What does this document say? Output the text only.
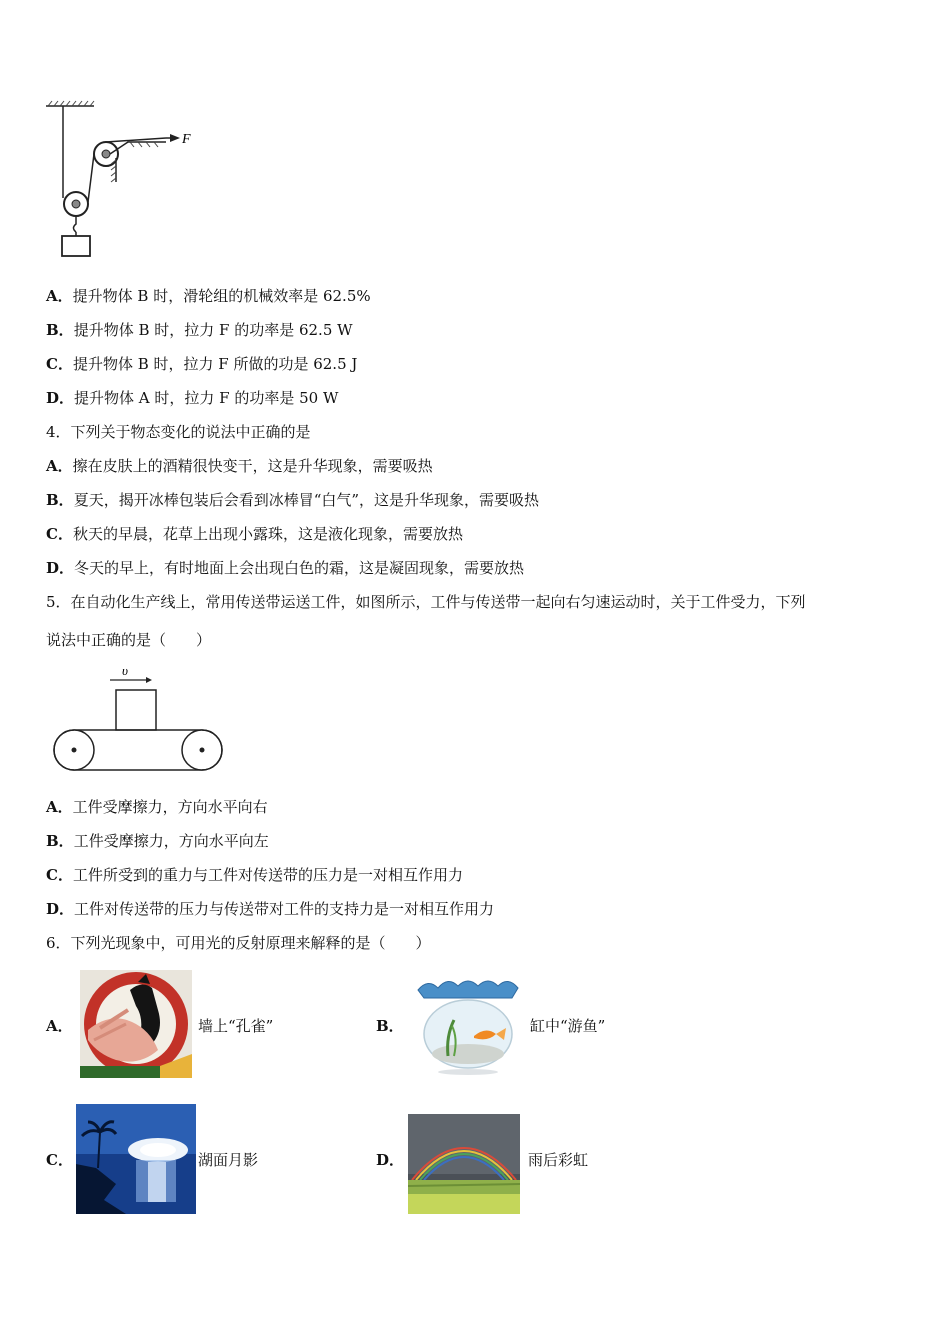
F
A．提升物体 B 时，滑轮组的机械效率是 62.5%
B．提升物体 B 时，拉力 F 的功率是 62.5 W
C．提升物体 B 时，拉力 F 所做的功是 62.5 J
D．提升物体 A 时，拉力 F 的功率是 50 W
4．下列关于物态变化的说法中正确的是
A．擦在皮肤上的酒精很快变干，这是升华现象，需要吸热
B．夏天，揭开冰棒包装后会看到冰棒冒“白气”，这是升华现象，需要吸热
C．秋天的早晨，花草上出现小露珠，这是液化现象，需要放热
D．冬天的早上，有时地面上会出现白色的霜，这是凝固现象，需要放热
5．在自动化生产线上，常用传送带运送工件，如图所示，工件与传送带一起向右匀速运动时，关于工件受力，下列
说法中正确的是（　　）
υ
A．工件受摩擦力，方向水平向右
B．工件受摩擦力，方向水平向左
C．工件所受到的重力与工件对传送带的压力是一对相互作用力
D．工件对传送带的压力与传送带对工件的支持力是一对相互作用力
6．下列光现象中，可用光的反射原理来解释的是（　　）
A．	墙上“孔雀”	B．	缸中“游鱼”
C．	湖面月影	D．	雨后彩虹
